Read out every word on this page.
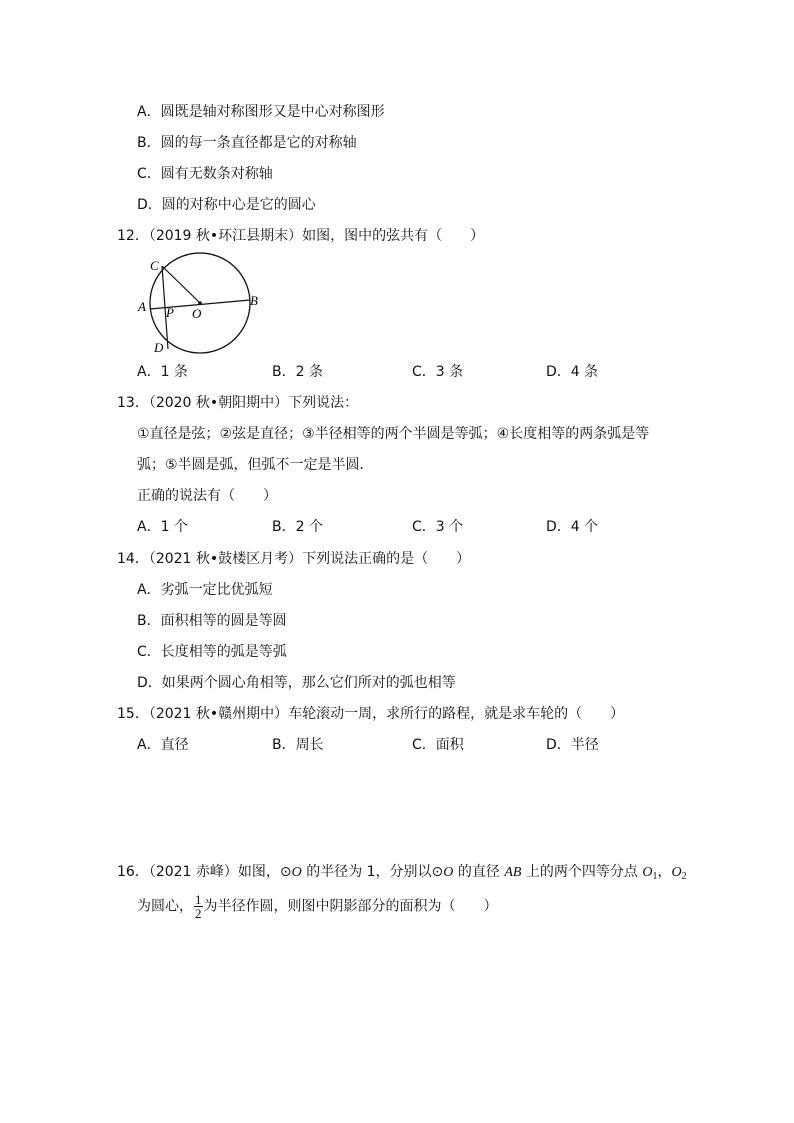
A．圆既是轴对称图形又是中心对称图形
B．圆的每一条直径都是它的对称轴
C．圆有无数条对称轴
D．圆的对称中心是它的圆心
12．（2019 秋•环江县期末）如图，图中的弦共有（　　）
C
A P O
B
D
A．1 条	B．2 条	C．3 条	D．4 条
13．（2020 秋•朝阳期中）下列说法：
①直径是弦；②弦是直径；③半径相等的两个半圆是等弧；④长度相等的两条弧是等
弧；⑤半圆是弧，但弧不一定是半圆．
正确的说法有（　　）
A．1 个	B．2 个	C．3 个	D．4 个
14．（2021 秋•鼓楼区月考）下列说法正确的是（　　）
A．劣弧一定比优弧短
B．面积相等的圆是等圆
C．长度相等的弧是等弧
D．如果两个圆心角相等，那么它们所对的弧也相等
15．（2021 秋•赣州期中）车轮滚动一周，求所行的路程，就是求车轮的（　　）
A．直径	B．周长	C．面积	D．半径
16．（2021 赤峰）如图，⊙O 的半径为 1，分别以⊙O 的直径 AB 上的两个四等分点 $O_1$，$O_2$
为圆心， $\frac{1}{2}$ 为半径作圆，则图中阴影部分的面积为（　　）
